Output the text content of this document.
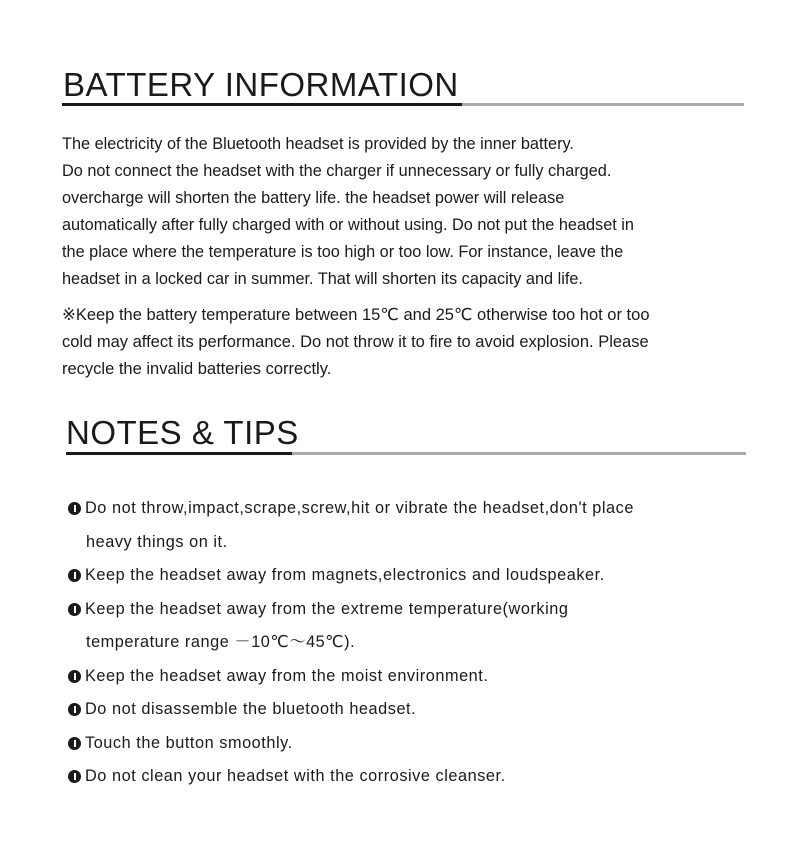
BATTERY INFORMATION

The electricity of the Bluetooth headset is provided by the inner battery.
Do not connect the headset with the charger if unnecessary or fully charged.
overcharge will shorten the battery life. the headset power will release
automatically after fully charged with or without using. Do not put the headset in
the place where the temperature is too high or too low. For instance, leave the
headset in a locked car in summer. That will shorten its capacity and life.

※Keep the battery temperature between 15℃ and 25℃ otherwise too hot or too
cold may affect its performance. Do not throw it to fire to avoid explosion. Please
recycle the invalid batteries correctly.

NOTES & TIPS
Do not throw,impact,scrape,screw,hit or vibrate the headset,don't place
heavy things on it.
Keep the headset away from magnets,electronics and loudspeaker.
Keep the headset away from the extreme temperature(working
temperature range －10℃～45℃).
Keep the headset away from the moist environment.
Do not disassemble the bluetooth headset.
Touch the button smoothly.
Do not clean your headset with the corrosive cleanser.
